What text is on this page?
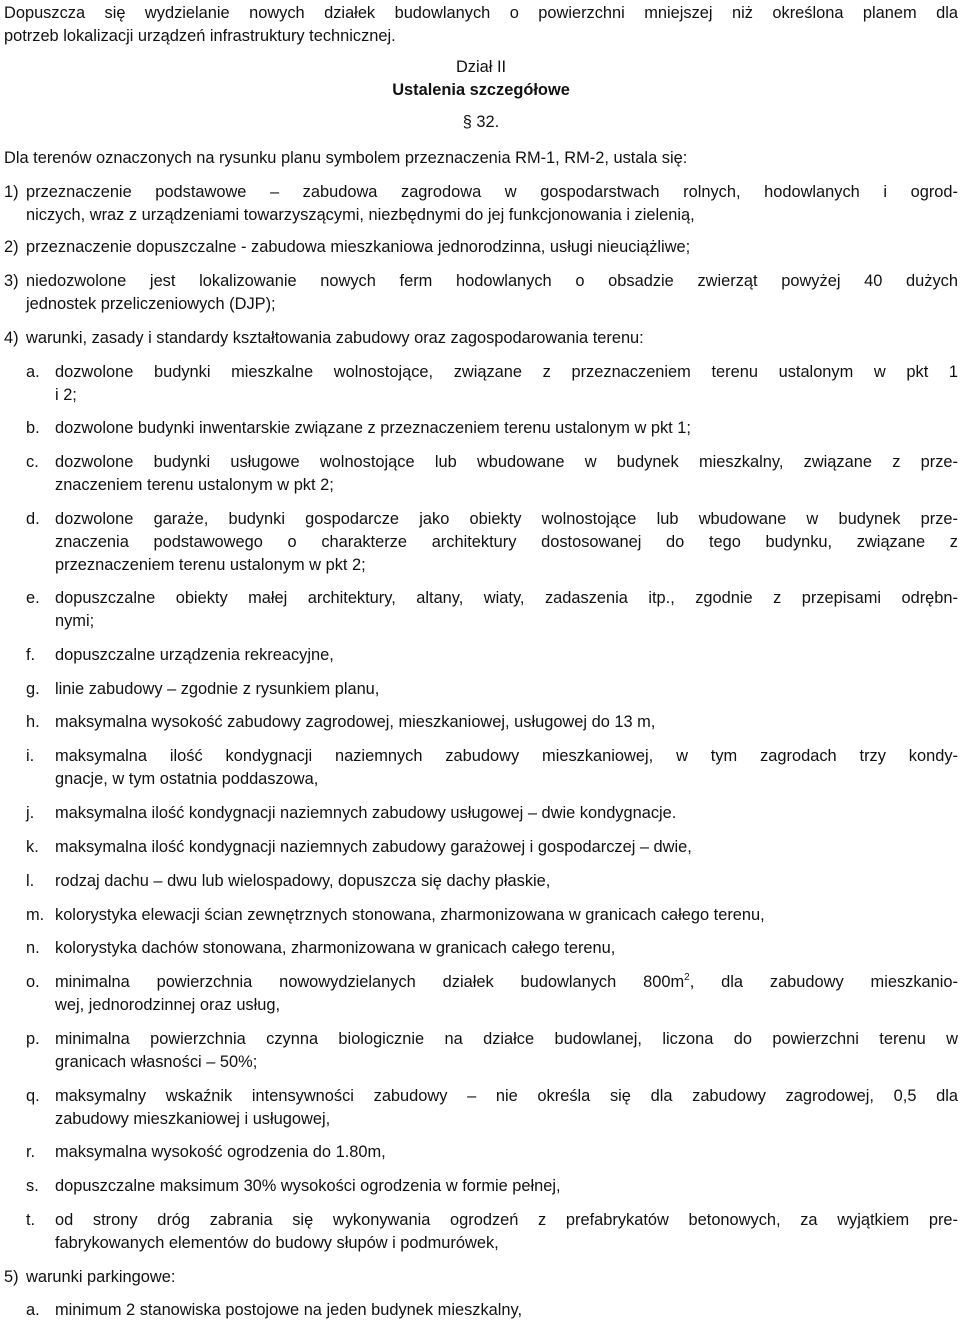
Dopuszcza się wydzielanie nowych działek budowlanych o powierzchni mniejszej niż określona planem dla
potrzeb lokalizacji urządzeń infrastruktury technicznej.
Dział II
Ustalenia szczegółowe
§ 32.
Dla terenów oznaczonych na rysunku planu symbolem przeznaczenia RM-1, RM-2, ustala się:
1) przeznaczenie podstawowe – zabudowa zagrodowa w gospodarstwach rolnych, hodowlanych i ogrod-
niczych, wraz z urządzeniami towarzyszącymi, niezbędnymi do jej funkcjonowania i zielenią,
2) przeznaczenie dopuszczalne - zabudowa mieszkaniowa jednorodzinna, usługi nieuciążliwe;
3) niedozwolone jest lokalizowanie nowych ferm hodowlanych o obsadzie zwierząt powyżej 40 dużych
jednostek przeliczeniowych (DJP);
4) warunki, zasady i standardy kształtowania zabudowy oraz zagospodarowania terenu:
a. dozwolone budynki mieszkalne wolnostojące, związane z przeznaczeniem terenu ustalonym w pkt 1
i 2;
b. dozwolone budynki inwentarskie związane z przeznaczeniem terenu ustalonym w pkt 1;
c. dozwolone budynki usługowe wolnostojące lub wbudowane w budynek mieszkalny, związane z prze-
znaczeniem terenu ustalonym w pkt 2;
d. dozwolone garaże, budynki gospodarcze jako obiekty wolnostojące lub wbudowane w budynek prze-
znaczenia podstawowego o charakterze architektury dostosowanej do tego budynku, związane z
przeznaczeniem terenu ustalonym w pkt 2;
e. dopuszczalne obiekty małej architektury, altany, wiaty, zadaszenia itp., zgodnie z przepisami odrębn-
nymi;
f. dopuszczalne urządzenia rekreacyjne,
g. linie zabudowy – zgodnie z rysunkiem planu,
h. maksymalna wysokość zabudowy zagrodowej, mieszkaniowej, usługowej do 13 m,
i. maksymalna ilość kondygnacji naziemnych zabudowy mieszkaniowej, w tym zagrodach trzy kondy-
gnacje, w tym ostatnia poddaszowa,
j. maksymalna ilość kondygnacji naziemnych zabudowy usługowej – dwie kondygnacje.
k. maksymalna ilość kondygnacji naziemnych zabudowy garażowej i gospodarczej – dwie,
l. rodzaj dachu – dwu lub wielospadowy, dopuszcza się dachy płaskie,
m. kolorystyka elewacji ścian zewnętrznych stonowana, zharmonizowana w granicach całego terenu,
n. kolorystyka dachów stonowana, zharmonizowana w granicach całego terenu,
o. minimalna powierzchnia nowowydzielanych działek budowlanych $800m^2$, dla zabudowy mieszkanio-
wej, jednorodzinnej oraz usług,
p. minimalna powierzchnia czynna biologicznie na działce budowlanej, liczona do powierzchni terenu w
granicach własności – 50%;
q. maksymalny wskaźnik intensywności zabudowy – nie określa się dla zabudowy zagrodowej, 0,5 dla
zabudowy mieszkaniowej i usługowej,
r. maksymalna wysokość ogrodzenia do 1.80m,
s. dopuszczalne maksimum 30% wysokości ogrodzenia w formie pełnej,
t. od strony dróg zabrania się wykonywania ogrodzeń z prefabrykatów betonowych, za wyjątkiem pre-
fabrykowanych elementów do budowy słupów i podmurówek,
5) warunki parkingowe:
a. minimum 2 stanowiska postojowe na jeden budynek mieszkalny,
